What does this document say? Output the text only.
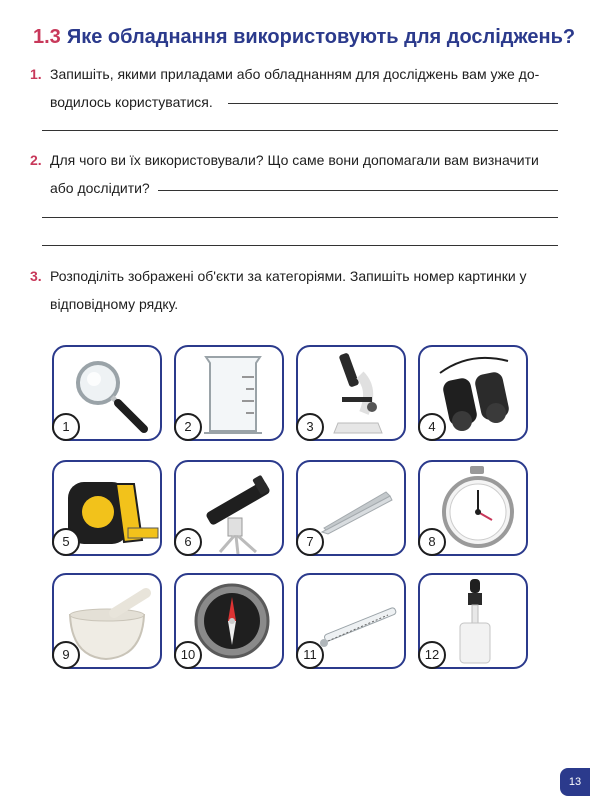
1.3 Яке обладнання використовують для досліджень?
1. Запишіть, якими приладами або обладнанням для досліджень вам уже до-водилось користуватися.
2. Для чого ви їх використовували? Що саме вони допомагали вам визначити або дослідити?
3. Розподіліть зображені об'єкти за категоріями. Запишіть номер картинки у відповідному рядку.
1	2	3	4
5	6	7	8
9	10	11	12
13
